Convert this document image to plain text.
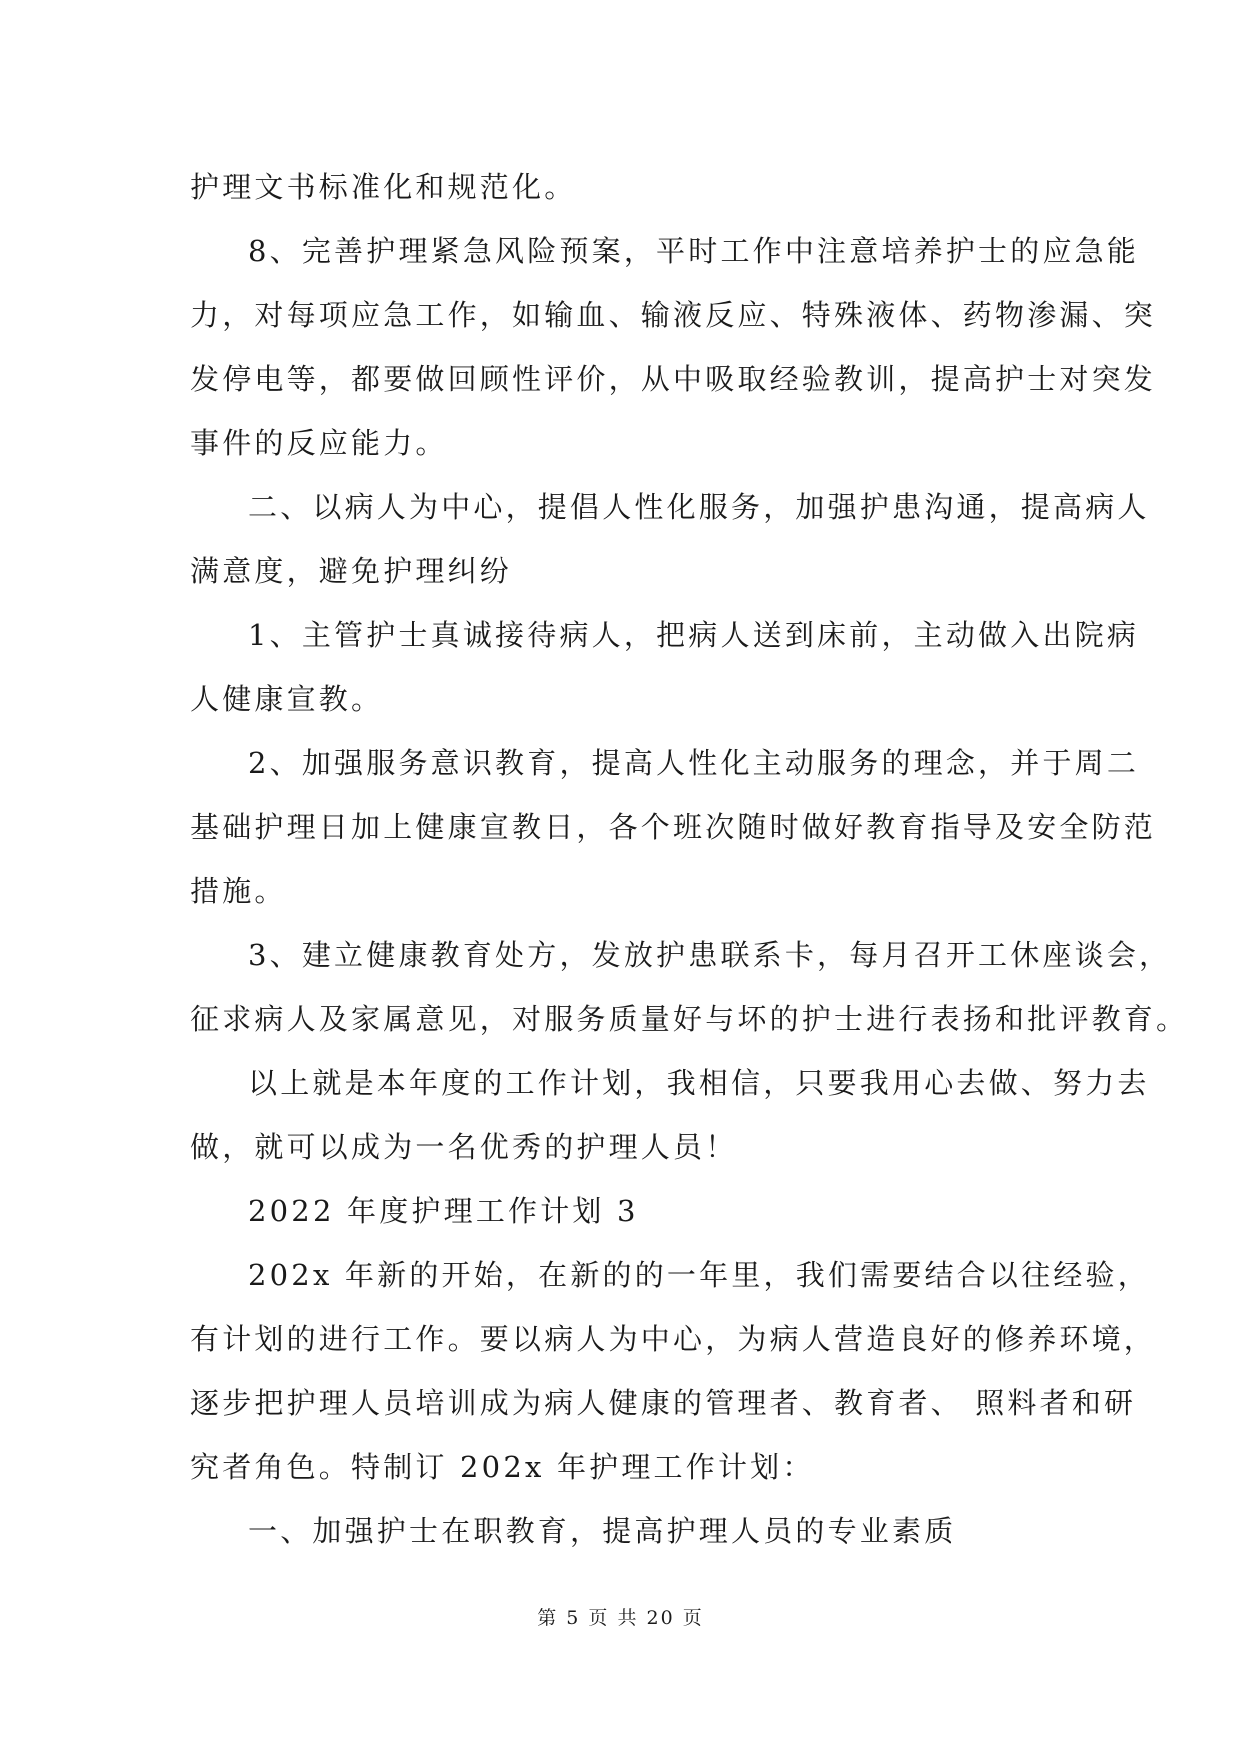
护理文书标准化和规范化。
8、完善护理紧急风险预案，平时工作中注意培养护士的应急能
力，对每项应急工作，如输血、输液反应、特殊液体、药物渗漏、突
发停电等，都要做回顾性评价，从中吸取经验教训，提高护士对突发
事件的反应能力。
二、以病人为中心，提倡人性化服务，加强护患沟通，提高病人
满意度，避免护理纠纷
1、主管护士真诚接待病人，把病人送到床前，主动做入出院病
人健康宣教。
2、加强服务意识教育，提高人性化主动服务的理念，并于周二
基础护理日加上健康宣教日，各个班次随时做好教育指导及安全防范
措施。
3、建立健康教育处方，发放护患联系卡，每月召开工休座谈会，
征求病人及家属意见，对服务质量好与坏的护士进行表扬和批评教育。
以上就是本年度的工作计划，我相信，只要我用心去做、努力去
做，就可以成为一名优秀的护理人员！
2022 年度护理工作计划 3
202x 年新的开始，在新的的一年里，我们需要结合以往经验，
有计划的进行工作。要以病人为中心，为病人营造良好的修养环境，
逐步把护理人员培训成为病人健康的管理者、教育者、 照料者和研
究者角色。特制订 202x 年护理工作计划：
一、加强护士在职教育，提高护理人员的专业素质
第 5 页 共 20 页
